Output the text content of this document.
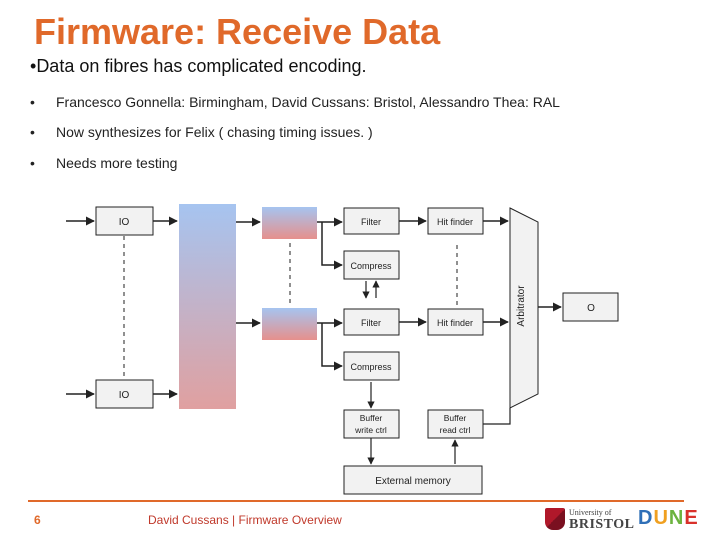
Firmware: Receive Data
•Data on fibres has complicated encoding.
• Francesco Gonnella: Birmingham, David Cussans: Bristol, Alessandro Thea: RAL
• Now synthesizes for Felix ( chasing timing issues. )
• Needs more testing
IO
IO
Filter
Filter
Hit finder
Hit finder
Compress
Compress
Arbitrator	O
Buffer
write ctrl
Buffer
read ctrl
External memory
6	David Cussans | Firmware Overview
University of
BRISTOL DUNE
